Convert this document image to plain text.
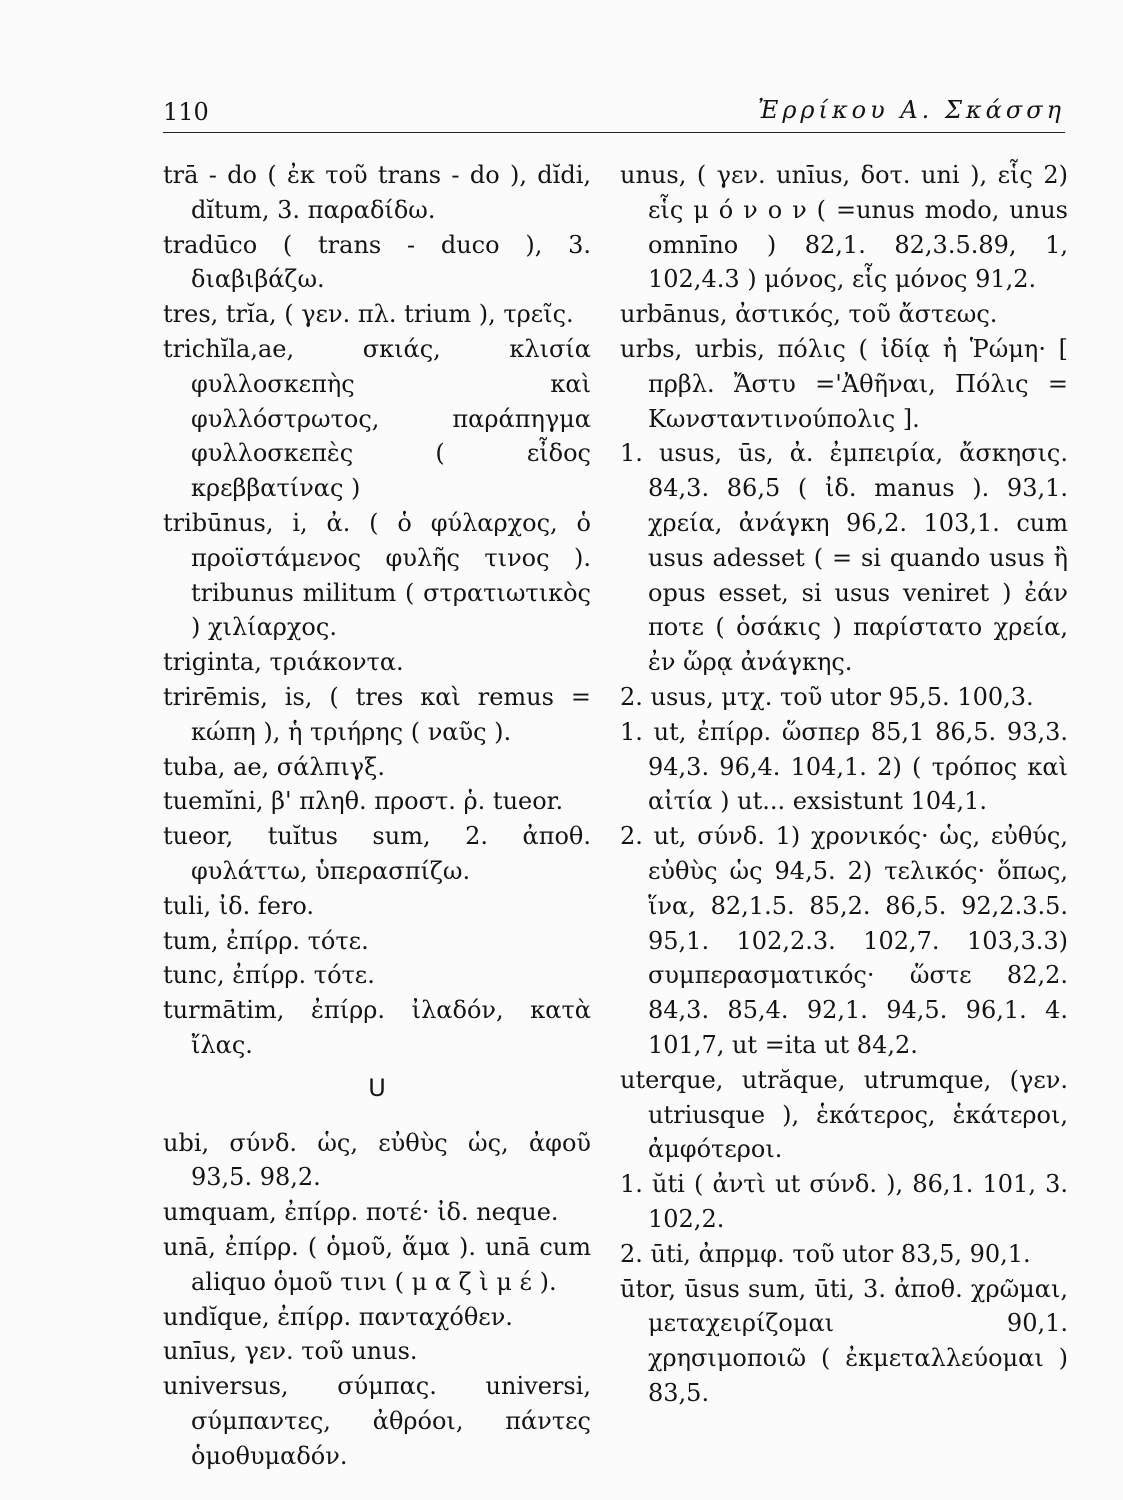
110	Ἐρρίκου Α. Σκάσση
trā - do ( ἐκ τοῦ trans - do ), dĭdi, dĭtum, 3. παραδίδω.
tradūco ( trans - duco ), 3. διαβιβάζω.
tres, trĭa, ( γεν. πλ. trium ), τρεῖς.
trichĭla,ae, σκιάς, κλισία φυλλοσκεπὴς καὶ φυλλόστρωτος, παράπηγμα φυλλοσκεπὲς ( εἶδος κρεββατίνας )
tribūnus, i, ἀ. ( ὁ φύλαρχος, ὁ προϊστάμενος φυλῆς τινος ). tribunus militum ( στρατιωτικὸς ) χιλίαρχος.
triginta, τριάκοντα.
trirēmis, is, ( tres καὶ remus = κώπη ), ἡ τριήρης ( ναῦς ).
tuba, ae, σάλπιγξ.
tuemĭni, β' πληθ. προστ. ῥ. tueor.
tueor, tuĭtus sum, 2. ἀποθ. φυλάττω, ὑπερασπίζω.
tuli, ἰδ. fero.
tum, ἐπίρρ. τότε.
tunc, ἐπίρρ. τότε.
turmātim, ἐπίρρ. ἰλαδόν, κατὰ ἴλας.
U
ubi, σύνδ. ὡς, εὐθὺς ὡς, ἀφοῦ 93,5. 98,2.
umquam, ἐπίρρ. ποτέ· ἰδ. neque.
unā, ἐπίρρ. ( ὁμοῦ, ἅμα ). unā cum aliquo ὁμοῦ τινι ( μ α ζ ὶ μ έ ).
undĭque, ἐπίρρ. πανταχόθεν.
unīus, γεν. τοῦ unus.
universus, σύμπας. universi, σύμπαντες, ἀθρόοι, πάντες ὁμοθυμαδόν.
unus, ( γεν. unīus, δοτ. uni ), εἷς 2) εἷς μ ό ν ο ν ( =unus modo, unus omnīno ) 82,1. 82,3.5.89, 1, 102,4.3 ) μόνος, εἷς μόνος 91,2.
urbānus, ἀστικός, τοῦ ἄστεως.
urbs, urbis, πόλις ( ἰδίᾳ ἡ Ῥώμη· [ πρβλ. Ἄστυ ='Ἀθῆναι, Πόλις = Κωνσταντινούπολις ].
1. usus, ūs, ἀ. ἐμπειρία, ἄσκησις. 84,3. 86,5 ( ἰδ. manus ). 93,1. χρεία, ἀνάγκη 96,2. 103,1. cum usus adesset ( = si quando usus ἢ opus esset, si usus veniret ) ἐάν ποτε ( ὁσάκις ) παρίστατο χρεία, ἐν ὥρᾳ ἀνάγκης.
2. usus, μτχ. τοῦ utor 95,5. 100,3.
1. ut, ἐπίρρ. ὥσπερ 85,1 86,5. 93,3. 94,3. 96,4. 104,1. 2) ( τρόπος καὶ αἰτία ) ut... exsistunt 104,1.
2. ut, σύνδ. 1) χρονικός· ὡς, εὐθύς, εὐθὺς ὡς 94,5. 2) τελικός· ὅπως, ἵνα, 82,1.5. 85,2. 86,5. 92,2.3.5. 95,1. 102,2.3. 102,7. 103,3.3) συμπερασματικός· ὥστε 82,2. 84,3. 85,4. 92,1. 94,5. 96,1. 4. 101,7, ut =ita ut 84,2.
uterque, utrăque, utrumque, (γεν. utriusque ), ἑκάτερος, ἑκάτεροι, ἀμφότεροι.
1. ŭti ( ἀντὶ ut σύνδ. ), 86,1. 101, 3. 102,2.
2. ūti, ἀπρμφ. τοῦ utor 83,5, 90,1.
ūtor, ūsus sum, ūti, 3. ἀποθ. χρῶμαι, μεταχειρίζομαι 90,1. χρησιμοποιῶ ( ἐκμεταλλεύομαι ) 83,5.
